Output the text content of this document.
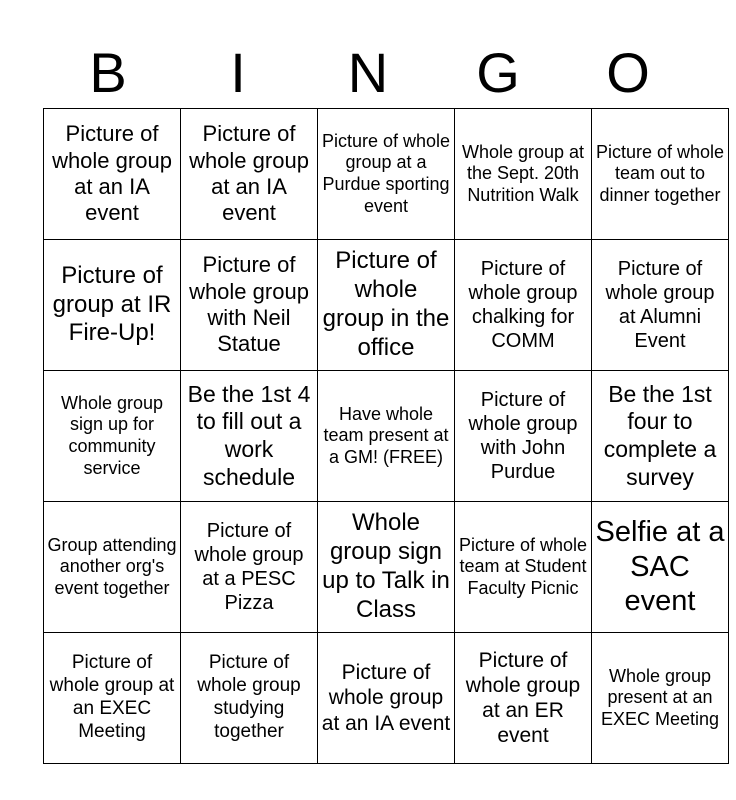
B	I	N	G	O
Picture of whole group at an IA event	Picture of whole group at an IA event	Picture of whole group at a Purdue sporting event	Whole group at the Sept. 20th Nutrition Walk	Picture of whole team out to dinner together
Picture of group at IR Fire-Up!	Picture of whole group with Neil Statue	Picture of whole group in the office	Picture of whole group chalking for COMM	Picture of whole group at Alumni Event
Whole group sign up for community service	Be the 1st 4 to fill out a work schedule	Have whole team present at a GM! (FREE)	Picture of whole group with John Purdue	Be the 1st four to complete a survey
Group attending another org's event together	Picture of whole group at a PESC Pizza	Whole group sign up to Talk in Class	Picture of whole team at Student Faculty Picnic	Selfie at a SAC event
Picture of whole group at an EXEC Meeting	Picture of whole group studying together	Picture of whole group at an IA event	Picture of whole group at an ER event	Whole group present at an EXEC Meeting
